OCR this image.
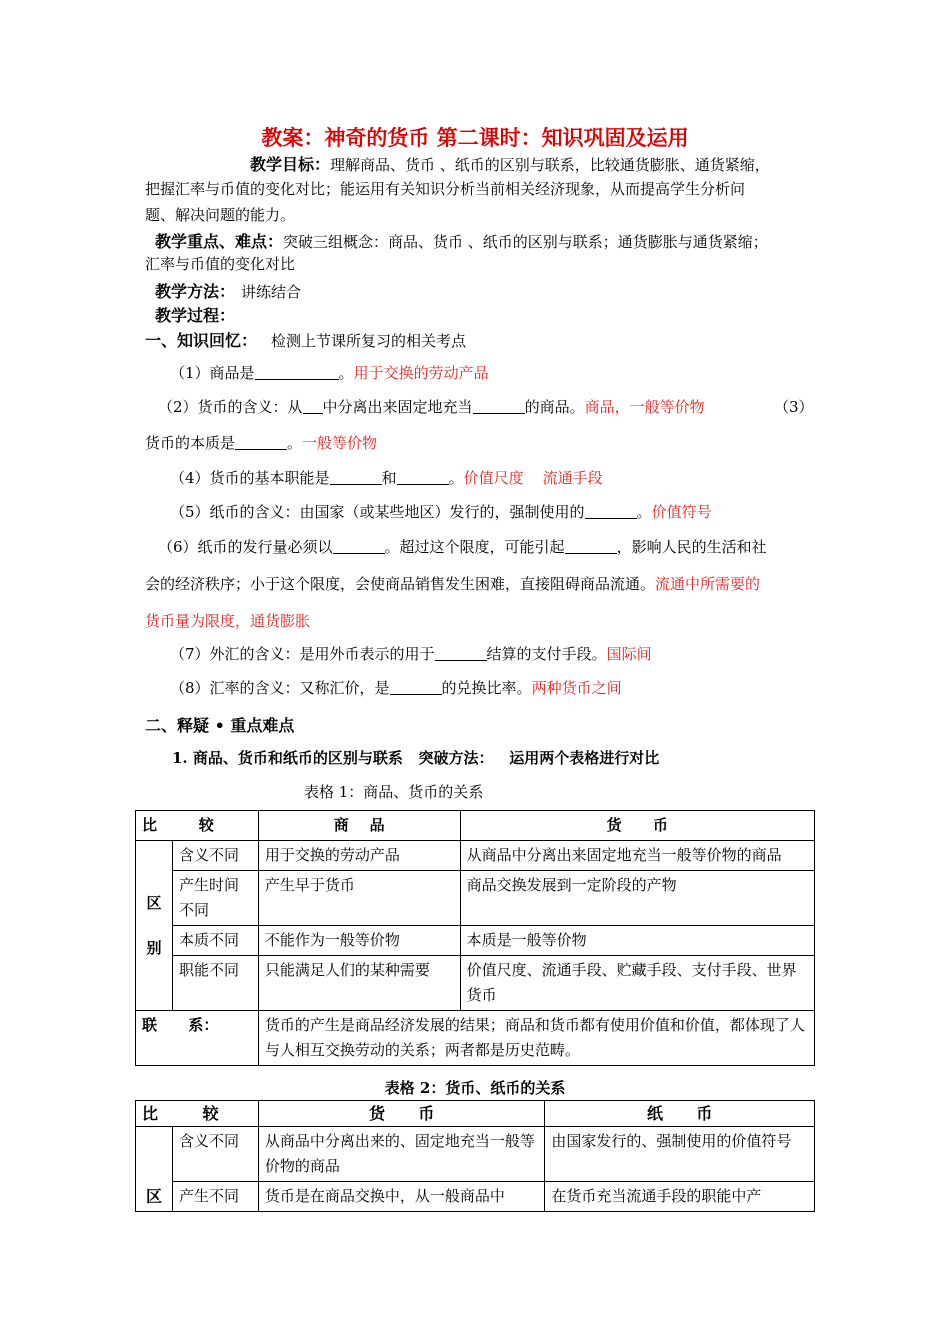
教案：神奇的货币 第二课时：知识巩固及运用
教学目标：理解商品、货币 、纸币的区别与联系，比较通货膨胀、通货紧缩，
把握汇率与币值的变化对比；能运用有关知识分析当前相关经济现象，从而提高学生分析问
题、解决问题的能力。
教学重点、难点：突破三组概念：商品、货币 、纸币的区别与联系；通货膨胀与通货紧缩；
汇率与币值的变化对比
教学方法： 讲练结合
教学过程：
一、知识回忆： 检测上节课所复习的相关考点
（1）商品是	。用于交换的劳动产品
（2）货币的含义：从 中分离出来固定地充当	的商品。商品，一般等价物	（3）
货币的本质是	。一般等价物
（4）货币的基本职能是	和	。价值尺度    流通手段
（5）纸币的含义：由国家（或某些地区）发行的，强制使用的	。价值符号
（6）纸币的发行量必须以	。超过这个限度，可能引起	，影响人民的生活和社
会的经济秩序；小于这个限度，会使商品销售发生困难，直接阻碍商品流通。流通中所需要的
货币量为限度，通货膨胀
（7）外汇的含义：是用外币表示的用于	结算的支付手段。国际间
（8）汇率的含义：又称汇价，是	的兑换比率。两种货币之间
二、释疑 • 重点难点
1. 商品、货币和纸币的区别与联系   突破方法：   运用两个表格进行对比
表格 1：商品、货币的关系
比        较		商    品	货      币

区
别	含义不同	用于交换的劳动产品	从商品中分离出来固定地充当一般等价物的商品
	产生时间不同	产生早于货币	商品交换发展到一定阶段的产物
	本质不同	不能作为一般等价物	本质是一般等价物
	职能不同	只能满足人们的某种需要	价值尺度、流通手段、贮藏手段、支付手段、世界货币
联      系：		货币的产生是商品经济发展的结果；商品和货币都有使用价值和价值，都体现了人与人相互交换劳动的关系；两者都是历史范畴。	
表格 2：货币、纸币的关系
比        较		货      币	纸      币
区	含义不同	从商品中分离出来的、固定地充当一般等价物的商品	由国家发行的、强制使用的价值符号
	产生不同	货币是在商品交换中，从一般商品中	在货币充当流通手段的职能中产
